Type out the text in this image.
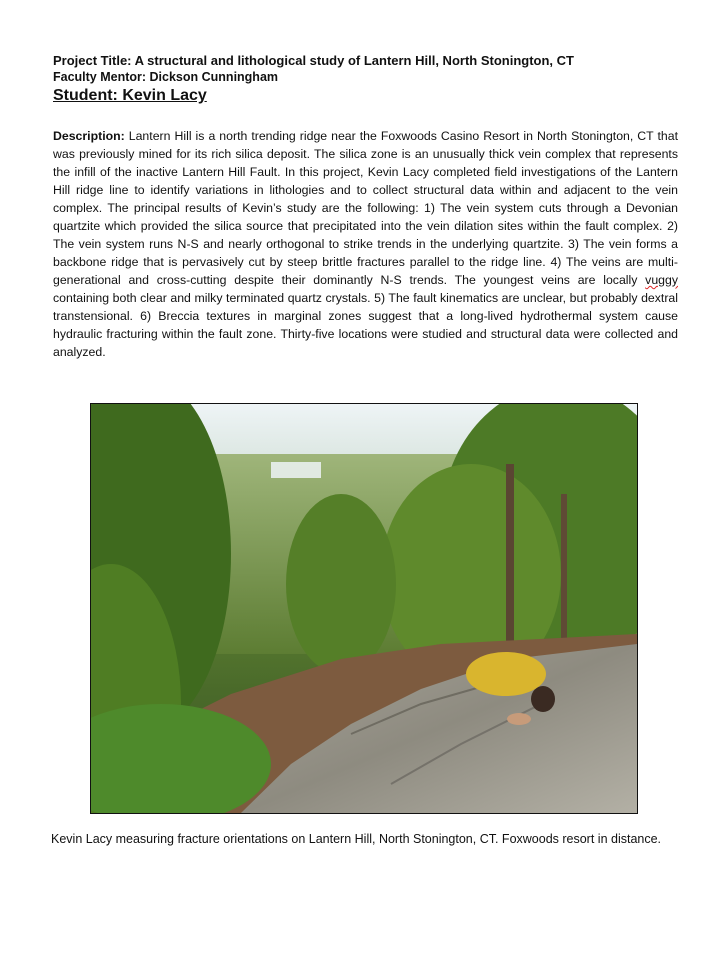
Project Title: A structural and lithological study of Lantern Hill, North Stonington, CT
Faculty Mentor: Dickson Cunningham
Student: Kevin Lacy
Description: Lantern Hill is a north trending ridge near the Foxwoods Casino Resort in North Stonington, CT that was previously mined for its rich silica deposit. The silica zone is an unusually thick vein complex that represents the infill of the inactive Lantern Hill Fault. In this project, Kevin Lacy completed field investigations of the Lantern Hill ridge line to identify variations in lithologies and to collect structural data within and adjacent to the vein complex. The principal results of Kevin’s study are the following: 1) The vein system cuts through a Devonian quartzite which provided the silica source that precipitated into the vein dilation sites within the fault complex. 2) The vein system runs N-S and nearly orthogonal to strike trends in the underlying quartzite. 3) The vein forms a backbone ridge that is pervasively cut by steep brittle fractures parallel to the ridge line. 4) The veins are multi-generational and cross-cutting despite their dominantly N-S trends. The youngest veins are locally vuggy containing both clear and milky terminated quartz crystals. 5) The fault kinematics are unclear, but probably dextral transtensional. 6) Breccia textures in marginal zones suggest that a long-lived hydrothermal system cause hydraulic fracturing within the fault zone. Thirty-five locations were studied and structural data were collected and analyzed.
Kevin Lacy measuring fracture orientations on Lantern Hill, North Stonington, CT. Foxwoods resort in distance.
